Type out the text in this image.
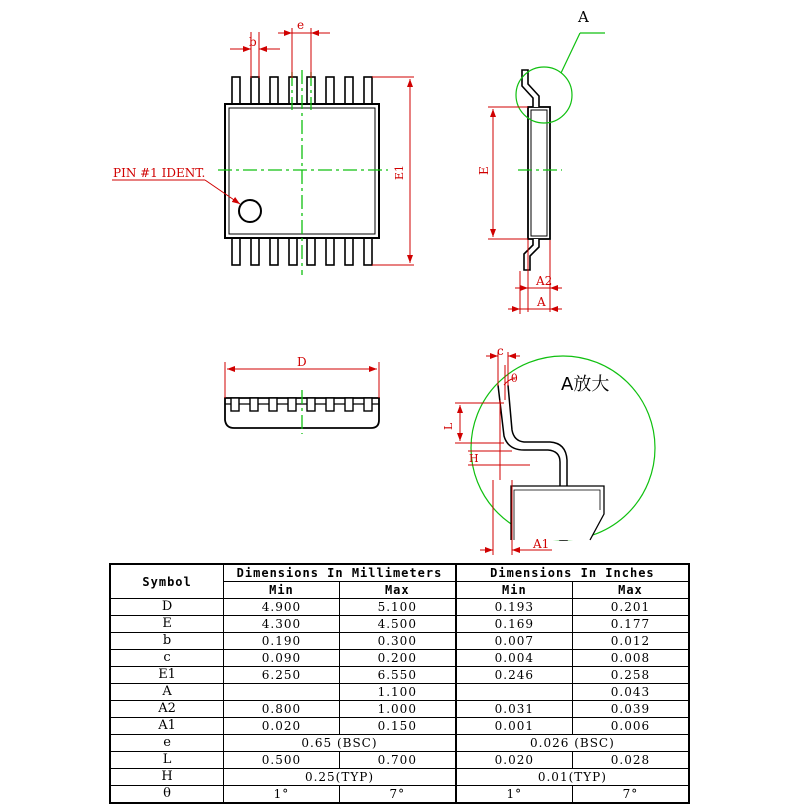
b
e
E1
PIN #1 IDENT.
A
E
A2
A
D
c
θ
L
H
A1
A放大
Symbol	Dimensions In Millimeters		Dimensions In Inches	
	Min	Max	Min	Max
D	4.900	5.100	0.193	0.201
E	4.300	4.500	0.169	0.177
b	0.190	0.300	0.007	0.012
c	0.090	0.200	0.004	0.008
E1	6.250	6.550	0.246	0.258
A		1.100		0.043
A2	0.800	1.000	0.031	0.039
A1	0.020	0.150	0.001	0.006
e	0.65 (BSC)		0.026 (BSC)	
L	0.500	0.700	0.020	0.028
H	0.25(TYP)		0.01(TYP)	
θ	1°	7°	1°	7°
